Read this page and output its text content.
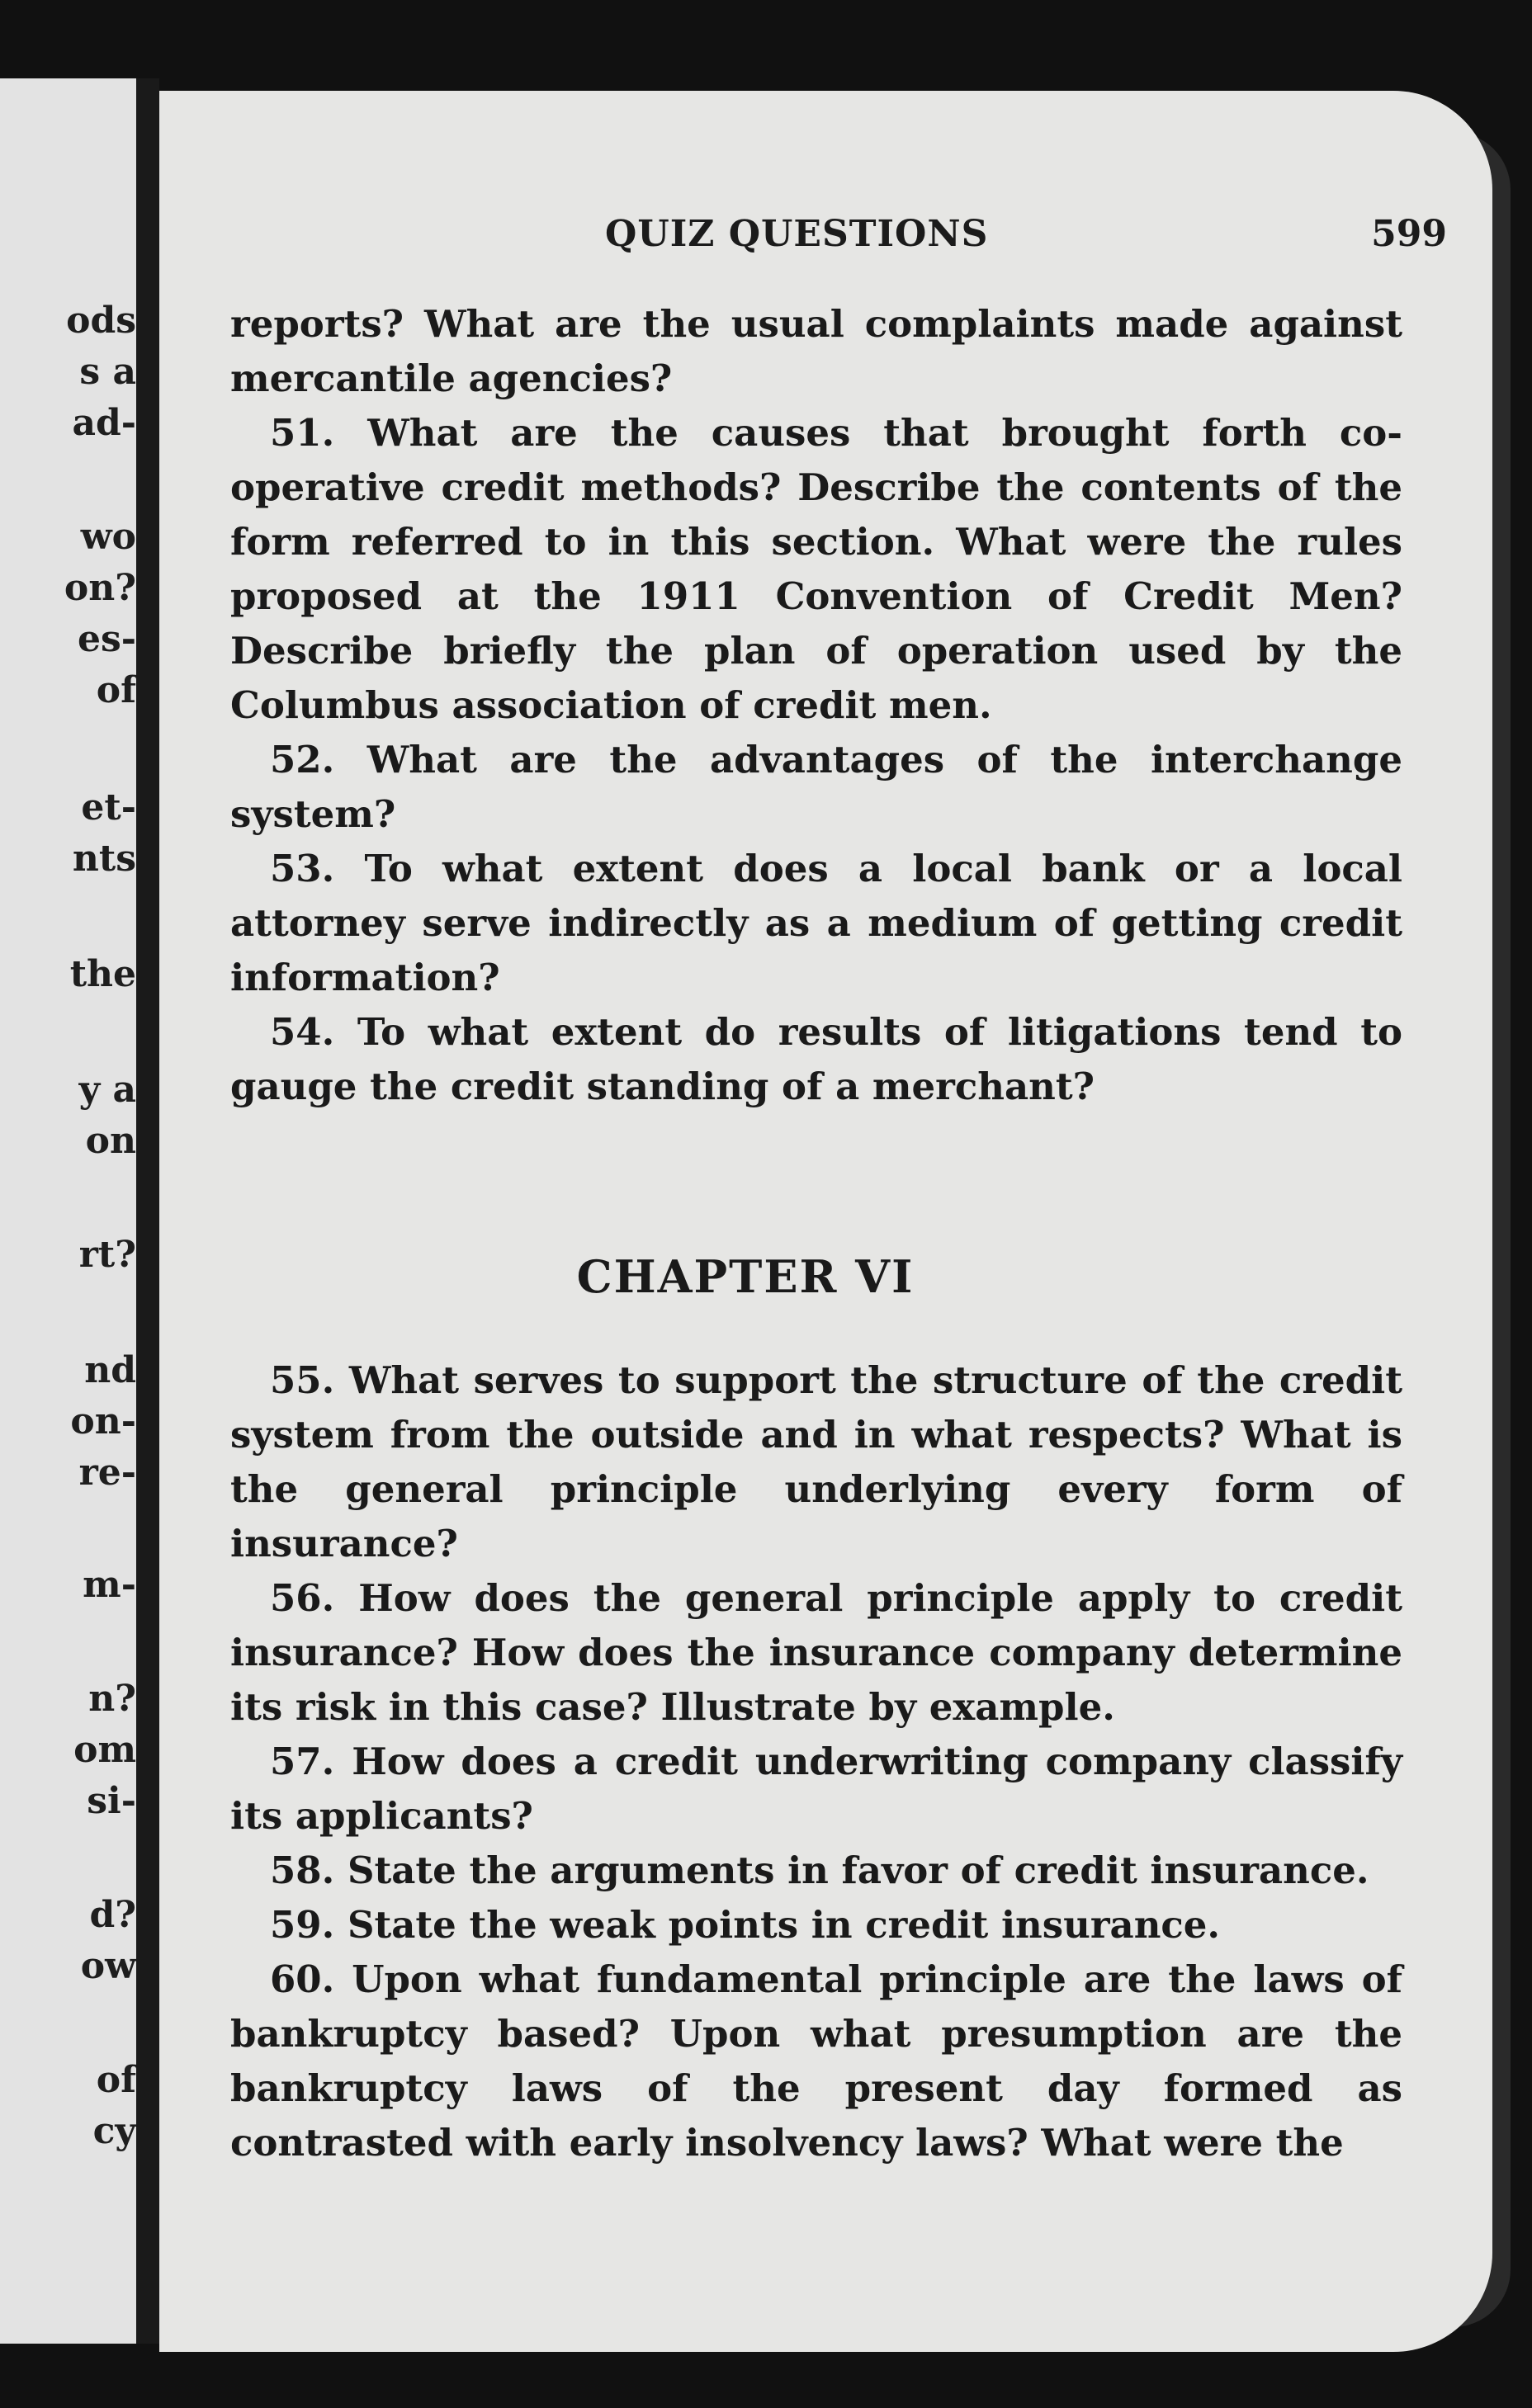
ods
s a
ad-
wo
on?
es-
of
et-
nts
the
y a
on
rt?
nd
on-
re-
m-
n?
om
si-
d?
ow
of
cy
QUIZ QUESTIONS	599

reports? What are the usual complaints made against mercantile agencies?

51. What are the causes that brought forth co-operative credit methods? Describe the contents of the form referred to in this section. What were the rules proposed at the 1911 Convention of Credit Men? Describe briefly the plan of operation used by the Columbus association of credit men.

52. What are the advantages of the interchange system?

53. To what extent does a local bank or a local attorney serve indirectly as a medium of getting credit information?

54. To what extent do results of litigations tend to gauge the credit standing of a merchant?

CHAPTER VI

55. What serves to support the structure of the credit system from the outside and in what respects? What is the general principle underlying every form of insurance?

56. How does the general principle apply to credit insurance? How does the insurance company determine its risk in this case? Illustrate by example.

57. How does a credit underwriting company classify its applicants?

58. State the arguments in favor of credit insurance.

59. State the weak points in credit insurance.

60. Upon what fundamental principle are the laws of bankruptcy based? Upon what presumption are the bankruptcy laws of the present day formed as contrasted with early insolvency laws? What were the
